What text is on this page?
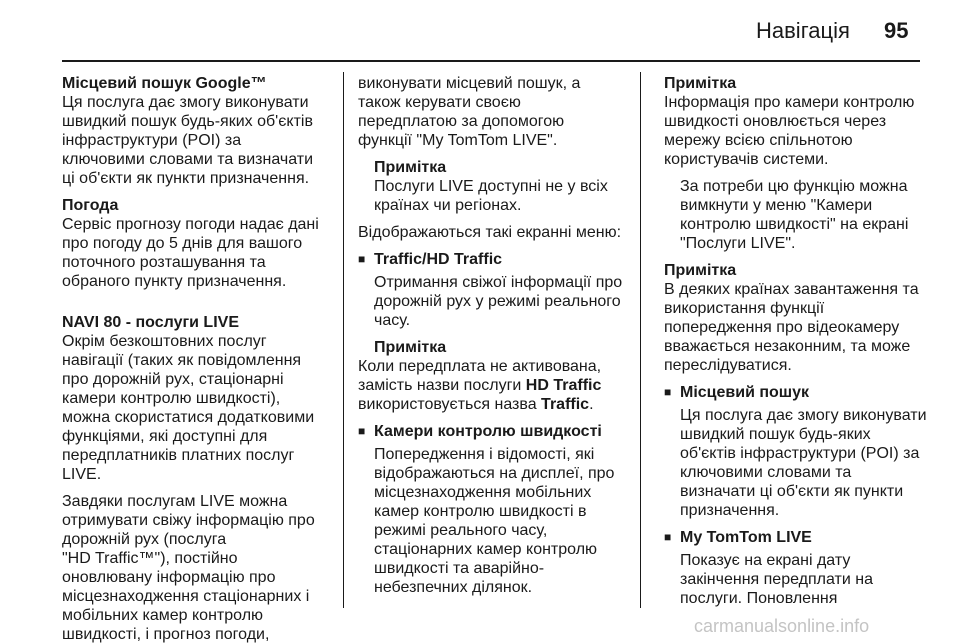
Навігація 95
Місцевий пошук Google™
Ця послуга дає змогу виконувати
швидкий пошук будь-яких об'єктів
інфраструктури (POI) за
ключовими словами та визначати
ці об'єкти як пункти призначення.
Погода
Сервіс прогнозу погоди надає дані
про погоду до 5 днів для вашого
поточного розташування та
обраного пункту призначення.
NAVI 80 - послуги LIVE
Окрім безкоштовних послуг
навігації (таких як повідомлення
про дорожній рух, стаціонарні
камери контролю швидкості),
можна скористатися додатковими
функціями, які доступні для
передплатників платних послуг
LIVE.
Завдяки послугам LIVE можна
отримувати свіжу інформацію про
дорожній рух (послуга
"HD Traffic™"), постійно
оновлювану інформацію про
місцезнаходження стаціонарних і
мобільних камер контролю
швидкості, і прогноз погоди,
виконувати місцевий пошук, а
також керувати своєю
передплатою за допомогою
функції "My TomTom LIVE".
Примітка
Послуги LIVE доступні не у всіх
країнах чи регіонах.
Відображаються такі екранні меню:
■ Traffic/HD Traffic
Отримання свіжої інформації про
дорожній рух у режимі реального
часу.
Примітка
Коли передплата не активована,
замість назви послуги HD Traffic
використовується назва Traffic.
■ Камери контролю швидкості
Попередження і відомості, які
відображаються на дисплеї, про
місцезнаходження мобільних
камер контролю швидкості в
режимі реального часу,
стаціонарних камер контролю
швидкості та аварійно-
небезпечних ділянок.
Примітка
Інформація про камери контролю
швидкості оновлюється через
мережу всією спільнотою
користувачів системи.
За потреби цю функцію можна
вимкнути у меню "Камери
контролю швидкості" на екрані
"Послуги LIVE".
Примітка
В деяких країнах завантаження та
використання функції
попередження про відеокамеру
вважається незаконним, та може
переслідуватися.
■ Місцевий пошук
Ця послуга дає змогу виконувати
швидкий пошук будь-яких
об'єктів інфраструктури (POI) за
ключовими словами та
визначати ці об'єкти як пункти
призначення.
■ My TomTom LIVE
Показує на екрані дату
закінчення передплати на
послуги. Поновлення
carmanualsonline.info
